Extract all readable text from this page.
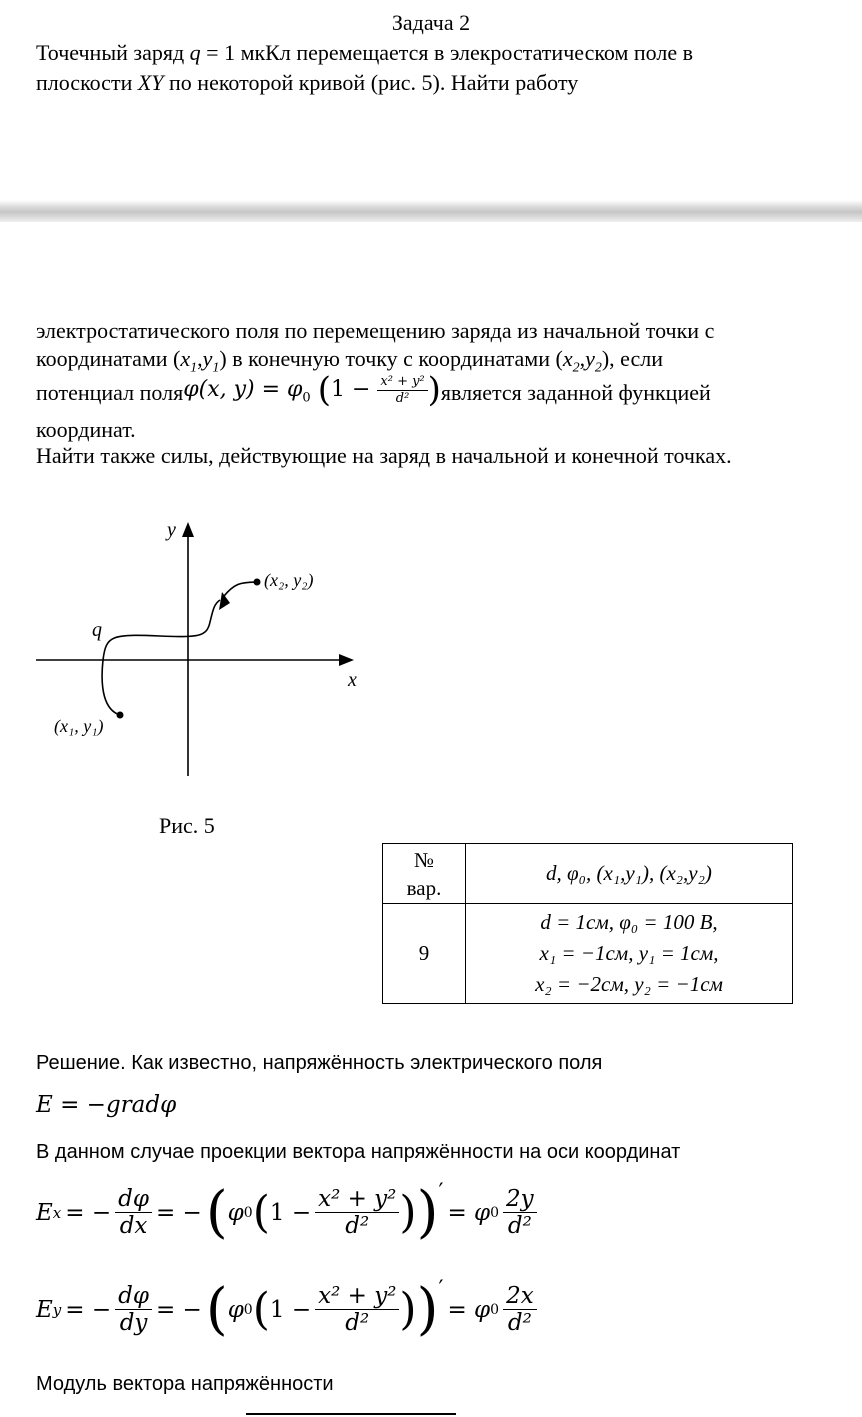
Задача 2
Точечный заряд q = 1 мкКл перемещается в элекростатическом поле в
плоскости XY по некоторой кривой (рис. 5). Найти работу
электростатического поля по перемещению заряда из начальной точки с
координатами $(x_1,y_1)$ в конечную точку с координатами $(x_2,y_2)$, если
потенциал поля φ(x, $y) = \varphi_0$ ($1 - \frac{\text{x² + y²}}{\text{d²}}$ ) является заданной функцией
координат.
Найти также силы, действующие на заряд в начальной и конечной точках.
y
x
q
(x₁, y₁)
(x₂, y₂)
Рис. 5
№
вар.	d, φ₀, (x₁,y₁), (x₂,y₂)
9	d = 1см, φ₀ = 100 В,
x₁ = −1см, y₁ = 1см,
x₂ = −2см, y₂ = −1см
Решение. Как известно, напряжённость электрического поля
E = −gradφ
В данном случае проекции вектора напряжённости на оси координат
E x = − $\frac{d\varphi}{dx}$ = − ( φ 0 ( $1 - \frac{\text{x² + y²}}{\text{d²}}$ ) ) ′
= φ $0 \frac{2y}{\text{d²}}$
E y = − $\frac{d\varphi}{dy}$ = − ( φ 0 ( $1 - \frac{\text{x² + y²}}{\text{d²}}$ ) ) ′
= φ $0 \frac{2x}{\text{d²}}$
Модуль вектора напряжённости
